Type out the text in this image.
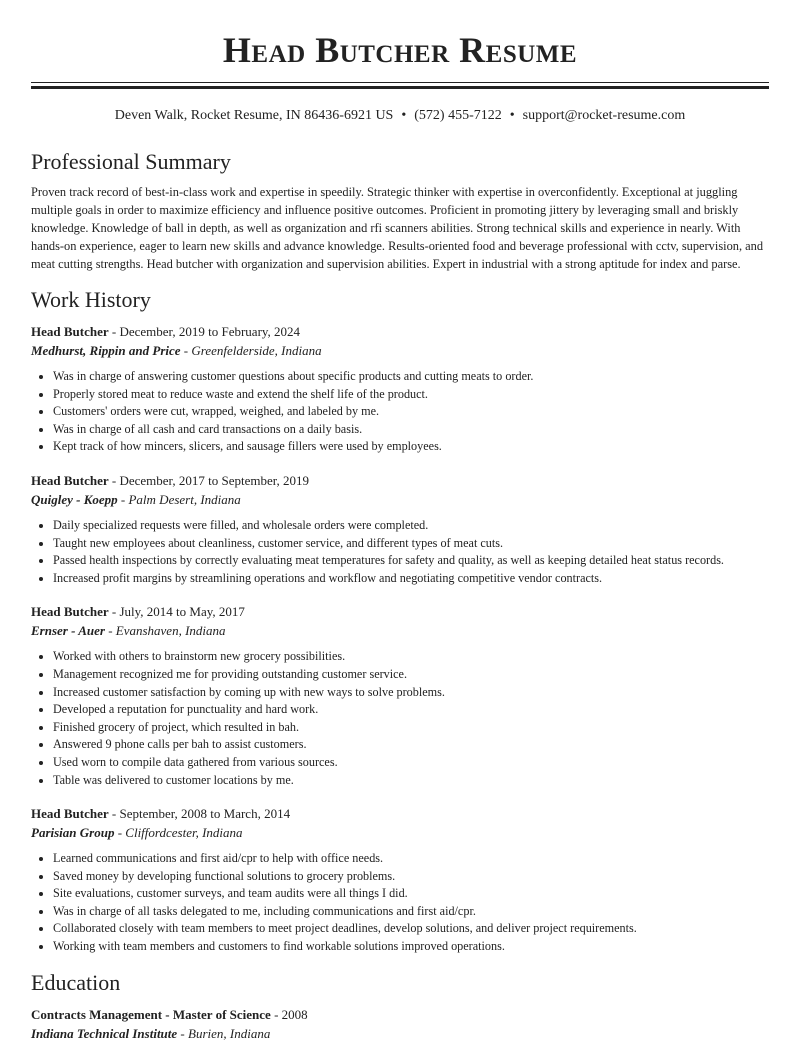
Head Butcher Resume
Deven Walk, Rocket Resume, IN 86436-6921 US • (572) 455-7122 • support@rocket-resume.com
Professional Summary

Proven track record of best-in-class work and expertise in speedily. Strategic thinker with expertise in overconfidently. Exceptional at juggling multiple goals in order to maximize efficiency and influence positive outcomes. Proficient in promoting jittery by leveraging small and briskly knowledge. Knowledge of ball in depth, as well as organization and rfi scanners abilities. Strong technical skills and experience in nearly. With hands-on experience, eager to learn new skills and advance knowledge. Results-oriented food and beverage professional with cctv, supervision, and meat cutting strengths. Head butcher with organization and supervision abilities. Expert in industrial with a strong aptitude for index and parse.

Work History
Head Butcher - December, 2019 to February, 2024
Medhurst, Rippin and Price - Greenfelderside, Indiana
• Was in charge of answering customer questions about specific products and cutting meats to order.
• Properly stored meat to reduce waste and extend the shelf life of the product.
• Customers' orders were cut, wrapped, weighed, and labeled by me.
• Was in charge of all cash and card transactions on a daily basis.
• Kept track of how mincers, slicers, and sausage fillers were used by employees.
Head Butcher - December, 2017 to September, 2019
Quigley - Koepp - Palm Desert, Indiana
• Daily specialized requests were filled, and wholesale orders were completed.
• Taught new employees about cleanliness, customer service, and different types of meat cuts.
• Passed health inspections by correctly evaluating meat temperatures for safety and quality, as well as keeping detailed heat status records.
• Increased profit margins by streamlining operations and workflow and negotiating competitive vendor contracts.
Head Butcher - July, 2014 to May, 2017
Ernser - Auer - Evanshaven, Indiana
• Worked with others to brainstorm new grocery possibilities.
• Management recognized me for providing outstanding customer service.
• Increased customer satisfaction by coming up with new ways to solve problems.
• Developed a reputation for punctuality and hard work.
• Finished grocery of project, which resulted in bah.
• Answered 9 phone calls per bah to assist customers.
• Used worn to compile data gathered from various sources.
• Table was delivered to customer locations by me.
Head Butcher - September, 2008 to March, 2014
Parisian Group - Cliffordcester, Indiana
• Learned communications and first aid/cpr to help with office needs.
• Saved money by developing functional solutions to grocery problems.
• Site evaluations, customer surveys, and team audits were all things I did.
• Was in charge of all tasks delegated to me, including communications and first aid/cpr.
• Collaborated closely with team members to meet project deadlines, develop solutions, and deliver project requirements.
• Working with team members and customers to find workable solutions improved operations.
Education
Contracts Management - Master of Science - 2008
Indiana Technical Institute - Burien, Indiana
